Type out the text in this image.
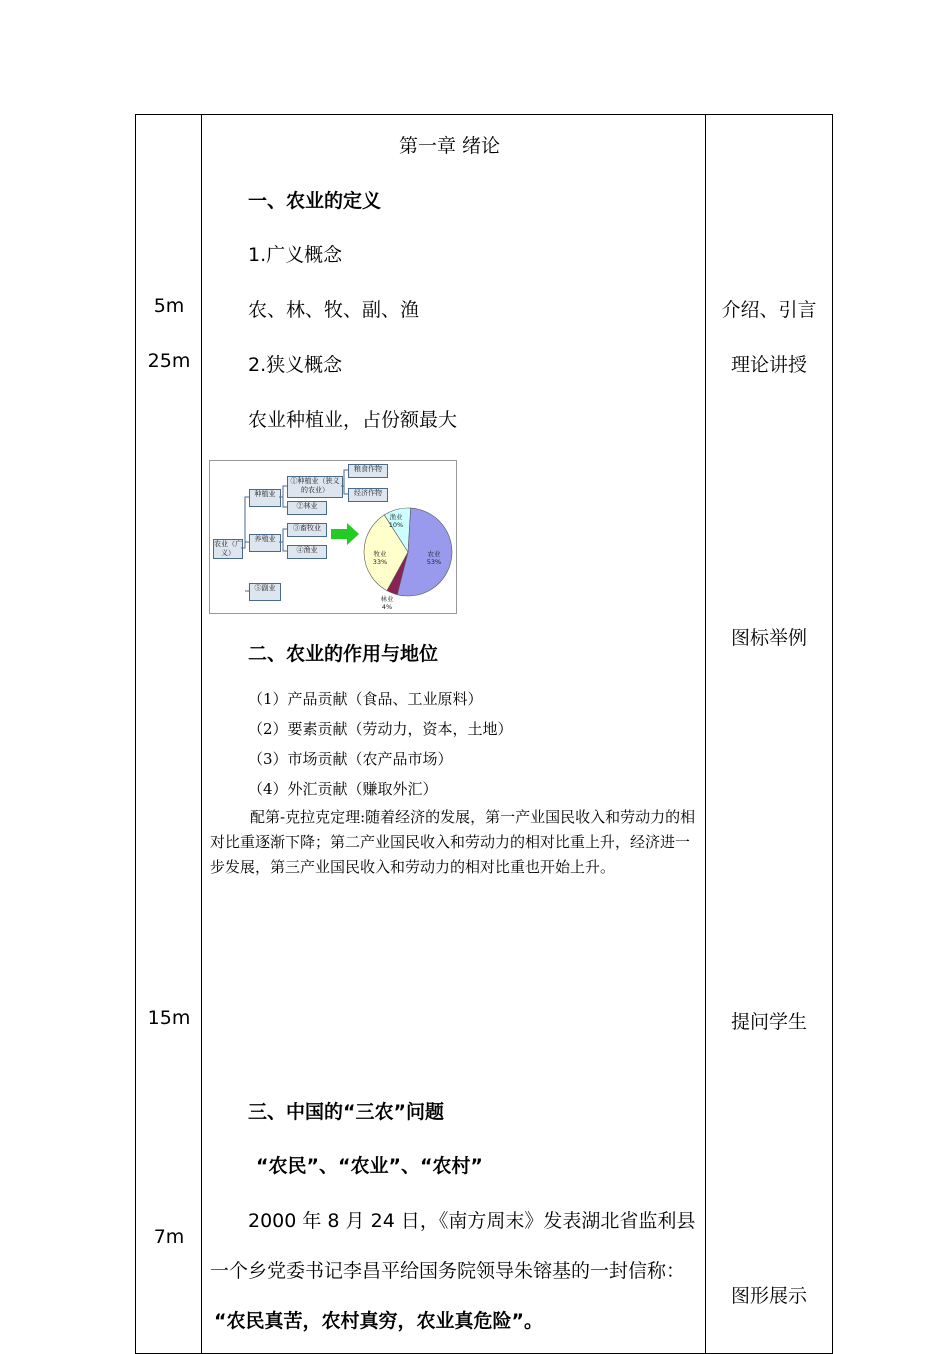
5m
25m
15m
7m
介绍、引言
理论讲授
图标举例
提问学生
图形展示
第一章 绪论
一、农业的定义
1.广义概念
农、林、牧、副、渔
2.狭义概念
农业种植业，占份额最大
农业（广义）
种植业
养殖业
⑤副业
①种植业（狭义的农业）
②林业
③畜牧业
④渔业
粮食作物
经济作物
农业
53%
林业
4%
牧业
33%
渔业
10%
二、农业的作用与地位
（1）产品贡献（食品、工业原料）
（2）要素贡献（劳动力，资本，土地）
（3）市场贡献（农产品市场）
（4）外汇贡献（赚取外汇）
配第-克拉克定理:随着经济的发展，第一产业国民收入和劳动力的相对比重逐渐下降；第二产业国民收入和劳动力的相对比重上升，经济进一步发展，第三产业国民收入和劳动力的相对比重也开始上升。
三、中国的“三农”问题
“农民”、“农业”、“农村”
2000 年 8 月 24 日，《南方周末》发表湖北省监利县
一个乡党委书记李昌平给国务院领导朱镕基的一封信称：
“农民真苦，农村真穷，农业真危险”。
